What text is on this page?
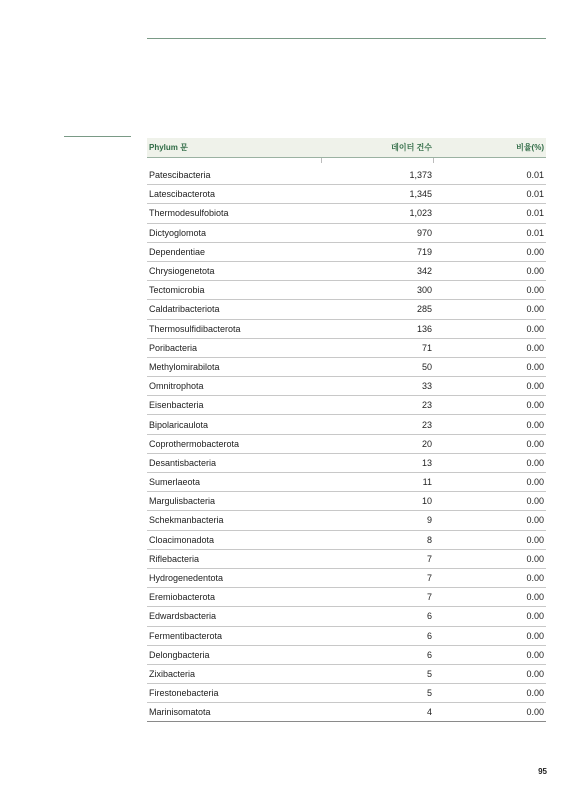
Phylum 문	데이터 건수	비율(%)

Patescibacteria	1,373	0.01
Latescibacterota	1,345	0.01
Thermodesulfobiota	1,023	0.01
Dictyoglomota	970	0.01
Dependentiae	719	0.00
Chrysiogenetota	342	0.00
Tectomicrobia	300	0.00
Caldatribacteriota	285	0.00
Thermosulfidibacterota	136	0.00
Poribacteria	71	0.00
Methylomirabilota	50	0.00
Omnitrophota	33	0.00
Eisenbacteria	23	0.00
Bipolaricaulota	23	0.00
Coprothermobacterota	20	0.00
Desantisbacteria	13	0.00
Sumerlaeota	11	0.00
Margulisbacteria	10	0.00
Schekmanbacteria	9	0.00
Cloacimonadota	8	0.00
Riflebacteria	7	0.00
Hydrogenedentota	7	0.00
Eremiobacterota	7	0.00
Edwardsbacteria	6	0.00
Fermentibacterota	6	0.00
Delongbacteria	6	0.00
Zixibacteria	5	0.00
Firestonebacteria	5	0.00
Marinisomatota	4	0.00
95
